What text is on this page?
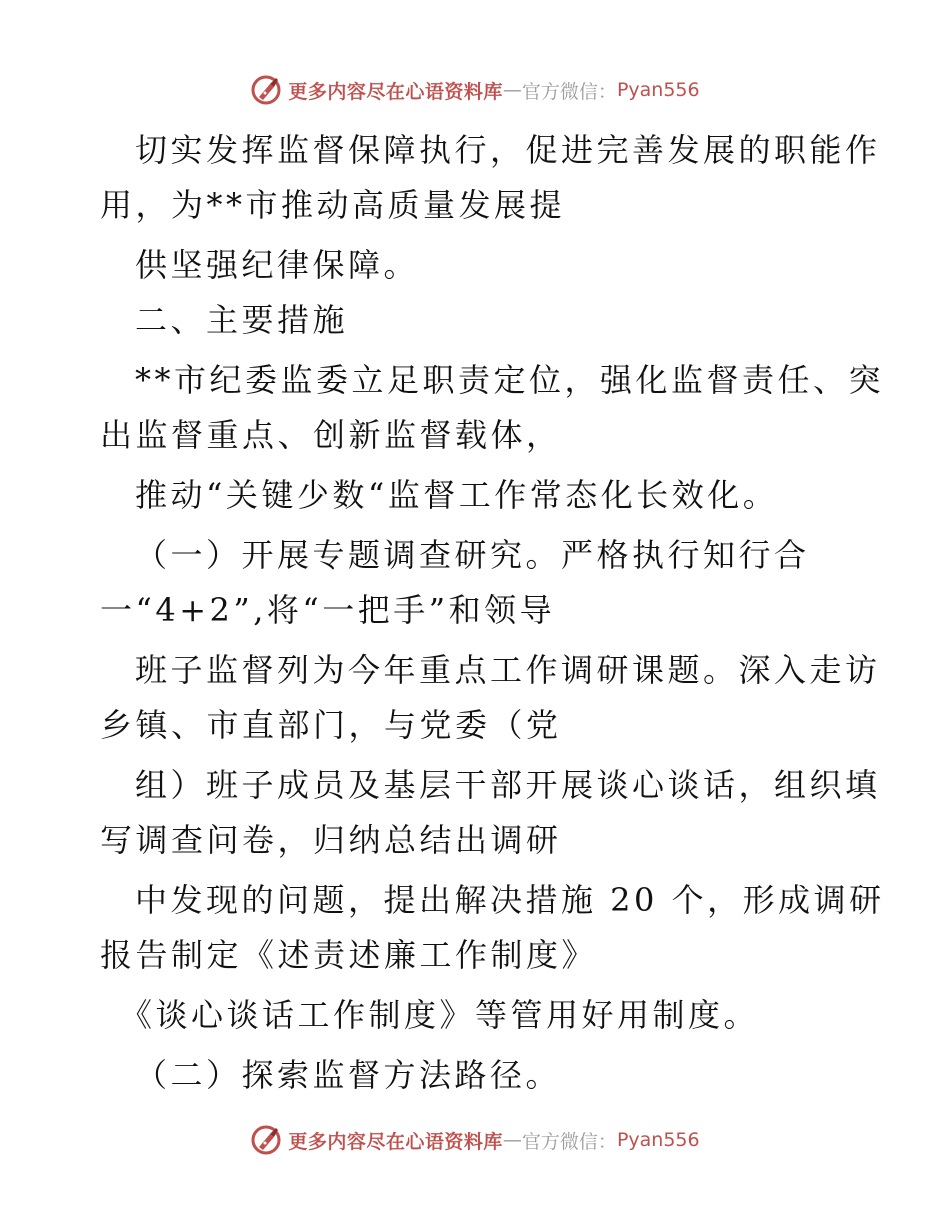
更多内容尽在心语资料库 — 官方微信： Pyan556
切实发挥监督保障执行，促进完善发展的职能作
用，为**市推动高质量发展提
供坚强纪律保障。
二、主要措施
**市纪委监委立足职责定位，强化监督责任、突
出监督重点、创新监督载体，
推动“关键少数“监督工作常态化长效化。
（一）开展专题调查研究。严格执行知行合
一“4+2”,将“一把手”和领导
班子监督列为今年重点工作调研课题。深入走访
乡镇、市直部门，与党委（党
组）班子成员及基层干部开展谈心谈话，组织填
写调查问卷，归纳总结出调研
中发现的问题，提出解决措施 20 个，形成调研
报告制定《述责述廉工作制度》
《谈心谈话工作制度》等管用好用制度。
（二）探索监督方法路径。
更多内容尽在心语资料库 — 官方微信： Pyan556
